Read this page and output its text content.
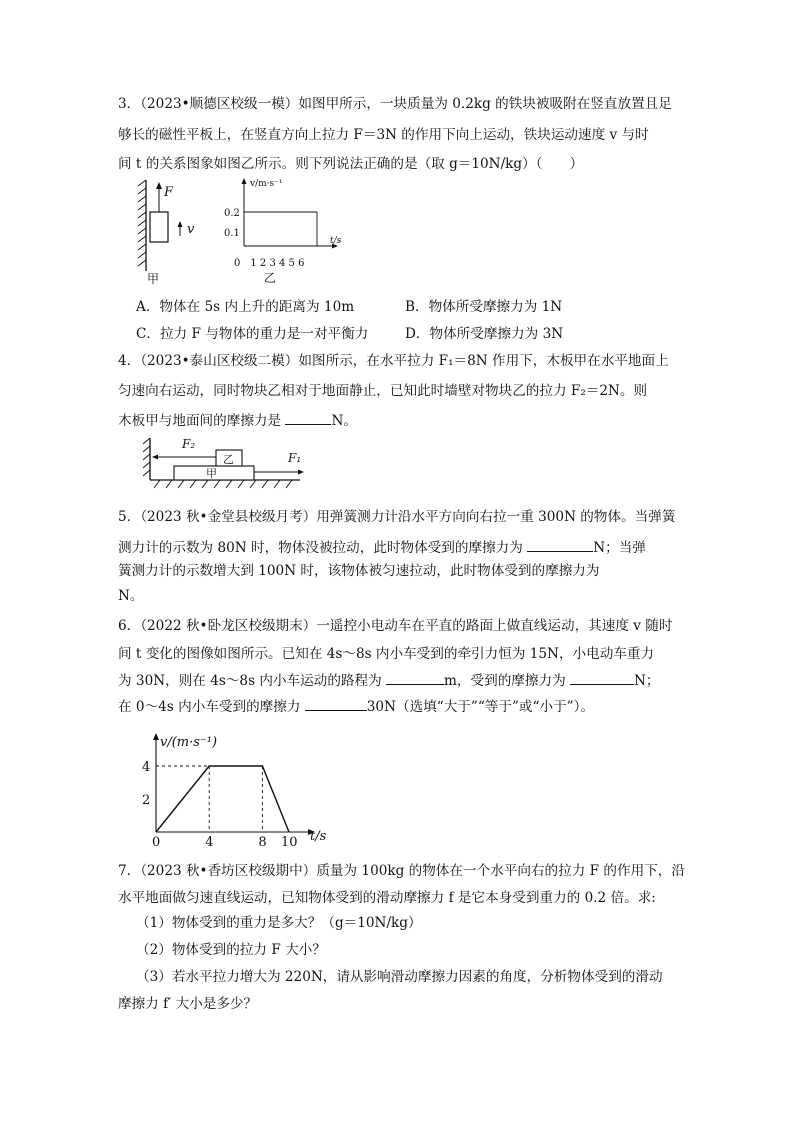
3．（2023•顺德区校级一模）如图甲所示，一块质量为 0.2kg 的铁块被吸附在竖直放置且足
够长的磁性平板上，在竖直方向上拉力 F＝3N 的作用下向上运动，铁块运动速度 v 与时
间 t 的关系图象如图乙所示。则下列说法正确的是（取 g＝10N/kg）（　　）
F
v
甲
v/m·s⁻¹
0.2
0.1
t/s
0　1 2 3 4 5 6
乙
A．物体在 5s 内上升的距离为 10m	B．物体所受摩擦力为 1N
C．拉力 F 与物体的重力是一对平衡力	D．物体所受摩擦力为 3N
4．（2023•泰山区校级二模）如图所示，在水平拉力 F₁＝8N 作用下，木板甲在水平地面上
匀速向右运动，同时物块乙相对于地面静止，已知此时墙壁对物块乙的拉力 F₂＝2N。则
木板甲与地面间的摩擦力是	N。
甲
乙
F₂
F₁
5．（2023 秋•金堂县校级月考）用弹簧测力计沿水平方向向右拉一重 300N 的物体。当弹簧
测力计的示数为 80N 时，物体没被拉动，此时物体受到的摩擦力为	N；当弹
簧测力计的示数增大到 100N 时，该物体被匀速拉动，此时物体受到的摩擦力为
N。
6．（2022 秋•卧龙区校级期末）一遥控小电动车在平直的路面上做直线运动，其速度 v 随时
间 t 变化的图像如图所示。已知在 4s～8s 内小车受到的牵引力恒为 15N，小电动车重力
为 30N，则在 4s～8s 内小车运动的路程为	m，受到的摩擦力为	N；
在 0～4s 内小车受到的摩擦力	30N（选填“大于”“等于”或“小于”）。
v/(m·s⁻¹)
t/s
0	4	8 10
2
4
7．（2023 秋•香坊区校级期中）质量为 100kg 的物体在一个水平向右的拉力 F 的作用下，沿
水平地面做匀速直线运动，已知物体受到的滑动摩擦力 f 是它本身受到重力的 0.2 倍。求:
（1）物体受到的重力是多大？（g＝10N/kg）
（2）物体受到的拉力 F 大小？
（3）若水平拉力增大为 220N，请从影响滑动摩擦力因素的角度，分析物体受到的滑动
摩擦力 f′ 大小是多少？
